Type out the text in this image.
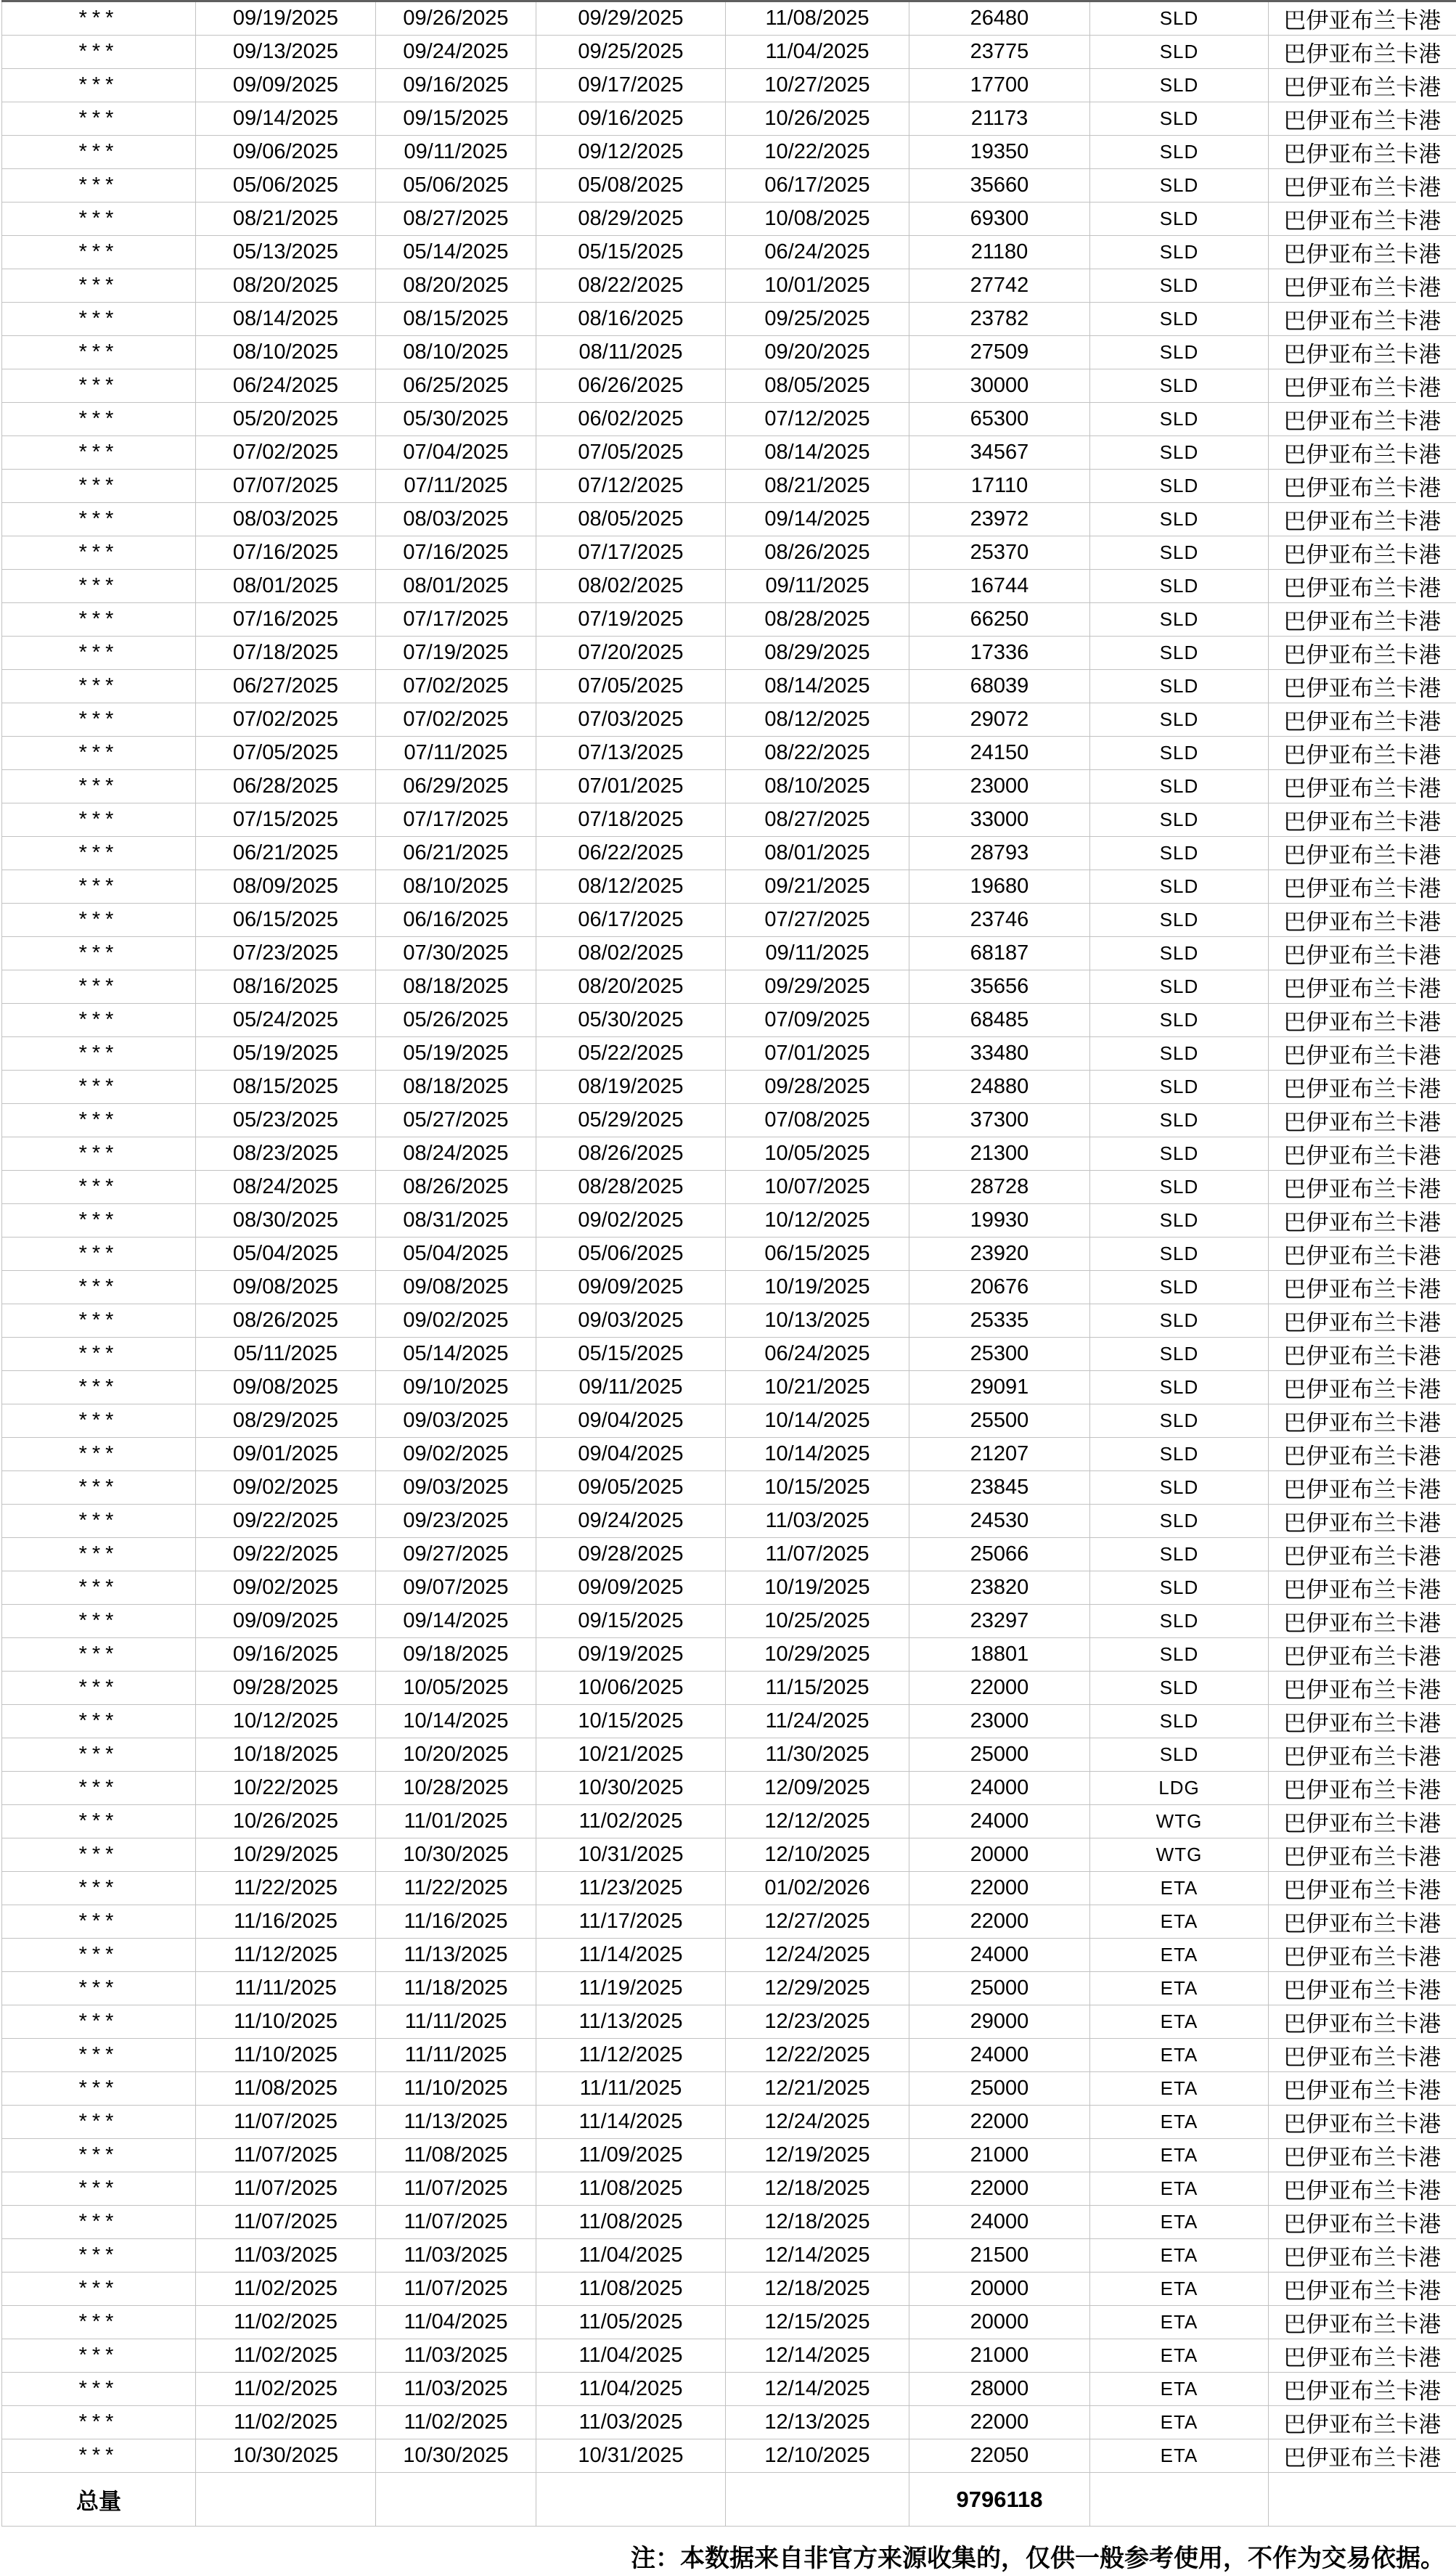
***	09/19/2025	09/26/2025	09/29/2025	11/08/2025	26480	SLD	巴伊亚布兰卡港
***	09/13/2025	09/24/2025	09/25/2025	11/04/2025	23775	SLD	巴伊亚布兰卡港
***	09/09/2025	09/16/2025	09/17/2025	10/27/2025	17700	SLD	巴伊亚布兰卡港
***	09/14/2025	09/15/2025	09/16/2025	10/26/2025	21173	SLD	巴伊亚布兰卡港
***	09/06/2025	09/11/2025	09/12/2025	10/22/2025	19350	SLD	巴伊亚布兰卡港
***	05/06/2025	05/06/2025	05/08/2025	06/17/2025	35660	SLD	巴伊亚布兰卡港
***	08/21/2025	08/27/2025	08/29/2025	10/08/2025	69300	SLD	巴伊亚布兰卡港
***	05/13/2025	05/14/2025	05/15/2025	06/24/2025	21180	SLD	巴伊亚布兰卡港
***	08/20/2025	08/20/2025	08/22/2025	10/01/2025	27742	SLD	巴伊亚布兰卡港
***	08/14/2025	08/15/2025	08/16/2025	09/25/2025	23782	SLD	巴伊亚布兰卡港
***	08/10/2025	08/10/2025	08/11/2025	09/20/2025	27509	SLD	巴伊亚布兰卡港
***	06/24/2025	06/25/2025	06/26/2025	08/05/2025	30000	SLD	巴伊亚布兰卡港
***	05/20/2025	05/30/2025	06/02/2025	07/12/2025	65300	SLD	巴伊亚布兰卡港
***	07/02/2025	07/04/2025	07/05/2025	08/14/2025	34567	SLD	巴伊亚布兰卡港
***	07/07/2025	07/11/2025	07/12/2025	08/21/2025	17110	SLD	巴伊亚布兰卡港
***	08/03/2025	08/03/2025	08/05/2025	09/14/2025	23972	SLD	巴伊亚布兰卡港
***	07/16/2025	07/16/2025	07/17/2025	08/26/2025	25370	SLD	巴伊亚布兰卡港
***	08/01/2025	08/01/2025	08/02/2025	09/11/2025	16744	SLD	巴伊亚布兰卡港
***	07/16/2025	07/17/2025	07/19/2025	08/28/2025	66250	SLD	巴伊亚布兰卡港
***	07/18/2025	07/19/2025	07/20/2025	08/29/2025	17336	SLD	巴伊亚布兰卡港
***	06/27/2025	07/02/2025	07/05/2025	08/14/2025	68039	SLD	巴伊亚布兰卡港
***	07/02/2025	07/02/2025	07/03/2025	08/12/2025	29072	SLD	巴伊亚布兰卡港
***	07/05/2025	07/11/2025	07/13/2025	08/22/2025	24150	SLD	巴伊亚布兰卡港
***	06/28/2025	06/29/2025	07/01/2025	08/10/2025	23000	SLD	巴伊亚布兰卡港
***	07/15/2025	07/17/2025	07/18/2025	08/27/2025	33000	SLD	巴伊亚布兰卡港
***	06/21/2025	06/21/2025	06/22/2025	08/01/2025	28793	SLD	巴伊亚布兰卡港
***	08/09/2025	08/10/2025	08/12/2025	09/21/2025	19680	SLD	巴伊亚布兰卡港
***	06/15/2025	06/16/2025	06/17/2025	07/27/2025	23746	SLD	巴伊亚布兰卡港
***	07/23/2025	07/30/2025	08/02/2025	09/11/2025	68187	SLD	巴伊亚布兰卡港
***	08/16/2025	08/18/2025	08/20/2025	09/29/2025	35656	SLD	巴伊亚布兰卡港
***	05/24/2025	05/26/2025	05/30/2025	07/09/2025	68485	SLD	巴伊亚布兰卡港
***	05/19/2025	05/19/2025	05/22/2025	07/01/2025	33480	SLD	巴伊亚布兰卡港
***	08/15/2025	08/18/2025	08/19/2025	09/28/2025	24880	SLD	巴伊亚布兰卡港
***	05/23/2025	05/27/2025	05/29/2025	07/08/2025	37300	SLD	巴伊亚布兰卡港
***	08/23/2025	08/24/2025	08/26/2025	10/05/2025	21300	SLD	巴伊亚布兰卡港
***	08/24/2025	08/26/2025	08/28/2025	10/07/2025	28728	SLD	巴伊亚布兰卡港
***	08/30/2025	08/31/2025	09/02/2025	10/12/2025	19930	SLD	巴伊亚布兰卡港
***	05/04/2025	05/04/2025	05/06/2025	06/15/2025	23920	SLD	巴伊亚布兰卡港
***	09/08/2025	09/08/2025	09/09/2025	10/19/2025	20676	SLD	巴伊亚布兰卡港
***	08/26/2025	09/02/2025	09/03/2025	10/13/2025	25335	SLD	巴伊亚布兰卡港
***	05/11/2025	05/14/2025	05/15/2025	06/24/2025	25300	SLD	巴伊亚布兰卡港
***	09/08/2025	09/10/2025	09/11/2025	10/21/2025	29091	SLD	巴伊亚布兰卡港
***	08/29/2025	09/03/2025	09/04/2025	10/14/2025	25500	SLD	巴伊亚布兰卡港
***	09/01/2025	09/02/2025	09/04/2025	10/14/2025	21207	SLD	巴伊亚布兰卡港
***	09/02/2025	09/03/2025	09/05/2025	10/15/2025	23845	SLD	巴伊亚布兰卡港
***	09/22/2025	09/23/2025	09/24/2025	11/03/2025	24530	SLD	巴伊亚布兰卡港
***	09/22/2025	09/27/2025	09/28/2025	11/07/2025	25066	SLD	巴伊亚布兰卡港
***	09/02/2025	09/07/2025	09/09/2025	10/19/2025	23820	SLD	巴伊亚布兰卡港
***	09/09/2025	09/14/2025	09/15/2025	10/25/2025	23297	SLD	巴伊亚布兰卡港
***	09/16/2025	09/18/2025	09/19/2025	10/29/2025	18801	SLD	巴伊亚布兰卡港
***	09/28/2025	10/05/2025	10/06/2025	11/15/2025	22000	SLD	巴伊亚布兰卡港
***	10/12/2025	10/14/2025	10/15/2025	11/24/2025	23000	SLD	巴伊亚布兰卡港
***	10/18/2025	10/20/2025	10/21/2025	11/30/2025	25000	SLD	巴伊亚布兰卡港
***	10/22/2025	10/28/2025	10/30/2025	12/09/2025	24000	LDG	巴伊亚布兰卡港
***	10/26/2025	11/01/2025	11/02/2025	12/12/2025	24000	WTG	巴伊亚布兰卡港
***	10/29/2025	10/30/2025	10/31/2025	12/10/2025	20000	WTG	巴伊亚布兰卡港
***	11/22/2025	11/22/2025	11/23/2025	01/02/2026	22000	ETA	巴伊亚布兰卡港
***	11/16/2025	11/16/2025	11/17/2025	12/27/2025	22000	ETA	巴伊亚布兰卡港
***	11/12/2025	11/13/2025	11/14/2025	12/24/2025	24000	ETA	巴伊亚布兰卡港
***	11/11/2025	11/18/2025	11/19/2025	12/29/2025	25000	ETA	巴伊亚布兰卡港
***	11/10/2025	11/11/2025	11/13/2025	12/23/2025	29000	ETA	巴伊亚布兰卡港
***	11/10/2025	11/11/2025	11/12/2025	12/22/2025	24000	ETA	巴伊亚布兰卡港
***	11/08/2025	11/10/2025	11/11/2025	12/21/2025	25000	ETA	巴伊亚布兰卡港
***	11/07/2025	11/13/2025	11/14/2025	12/24/2025	22000	ETA	巴伊亚布兰卡港
***	11/07/2025	11/08/2025	11/09/2025	12/19/2025	21000	ETA	巴伊亚布兰卡港
***	11/07/2025	11/07/2025	11/08/2025	12/18/2025	22000	ETA	巴伊亚布兰卡港
***	11/07/2025	11/07/2025	11/08/2025	12/18/2025	24000	ETA	巴伊亚布兰卡港
***	11/03/2025	11/03/2025	11/04/2025	12/14/2025	21500	ETA	巴伊亚布兰卡港
***	11/02/2025	11/07/2025	11/08/2025	12/18/2025	20000	ETA	巴伊亚布兰卡港
***	11/02/2025	11/04/2025	11/05/2025	12/15/2025	20000	ETA	巴伊亚布兰卡港
***	11/02/2025	11/03/2025	11/04/2025	12/14/2025	21000	ETA	巴伊亚布兰卡港
***	11/02/2025	11/03/2025	11/04/2025	12/14/2025	28000	ETA	巴伊亚布兰卡港
***	11/02/2025	11/02/2025	11/03/2025	12/13/2025	22000	ETA	巴伊亚布兰卡港
***	10/30/2025	10/30/2025	10/31/2025	12/10/2025	22050	ETA	巴伊亚布兰卡港
总量					9796118		
注：本数据来自非官方来源收集的，仅供一般参考使用，不作为交易依据。
